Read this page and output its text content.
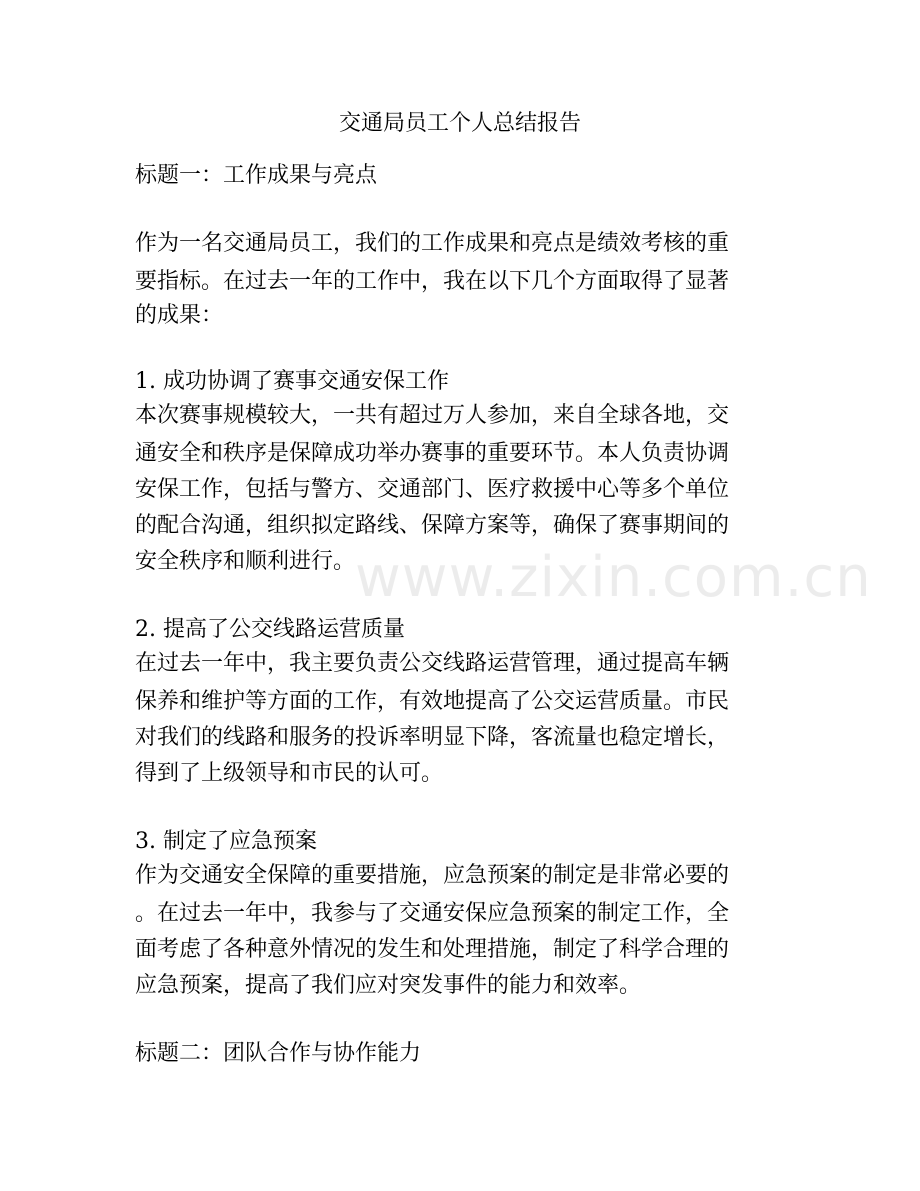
交通局员工个人总结报告
标题一：工作成果与亮点
作为一名交通局员工，我们的工作成果和亮点是绩效考核的重
要指标。在过去一年的工作中，我在以下几个方面取得了显著
的成果：
1. 成功协调了赛事交通安保工作
本次赛事规模较大，一共有超过万人参加，来自全球各地，交
通安全和秩序是保障成功举办赛事的重要环节。本人负责协调
安保工作，包括与警方、交通部门、医疗救援中心等多个单位
的配合沟通，组织拟定路线、保障方案等，确保了赛事期间的
安全秩序和顺利进行。
2. 提高了公交线路运营质量
在过去一年中，我主要负责公交线路运营管理，通过提高车辆
保养和维护等方面的工作，有效地提高了公交运营质量。市民
对我们的线路和服务的投诉率明显下降，客流量也稳定增长，
得到了上级领导和市民的认可。
3. 制定了应急预案
作为交通安全保障的重要措施，应急预案的制定是非常必要的
。在过去一年中，我参与了交通安保应急预案的制定工作，全
面考虑了各种意外情况的发生和处理措施，制定了科学合理的
应急预案，提高了我们应对突发事件的能力和效率。
标题二：团队合作与协作能力
www.zixin.com.cn
